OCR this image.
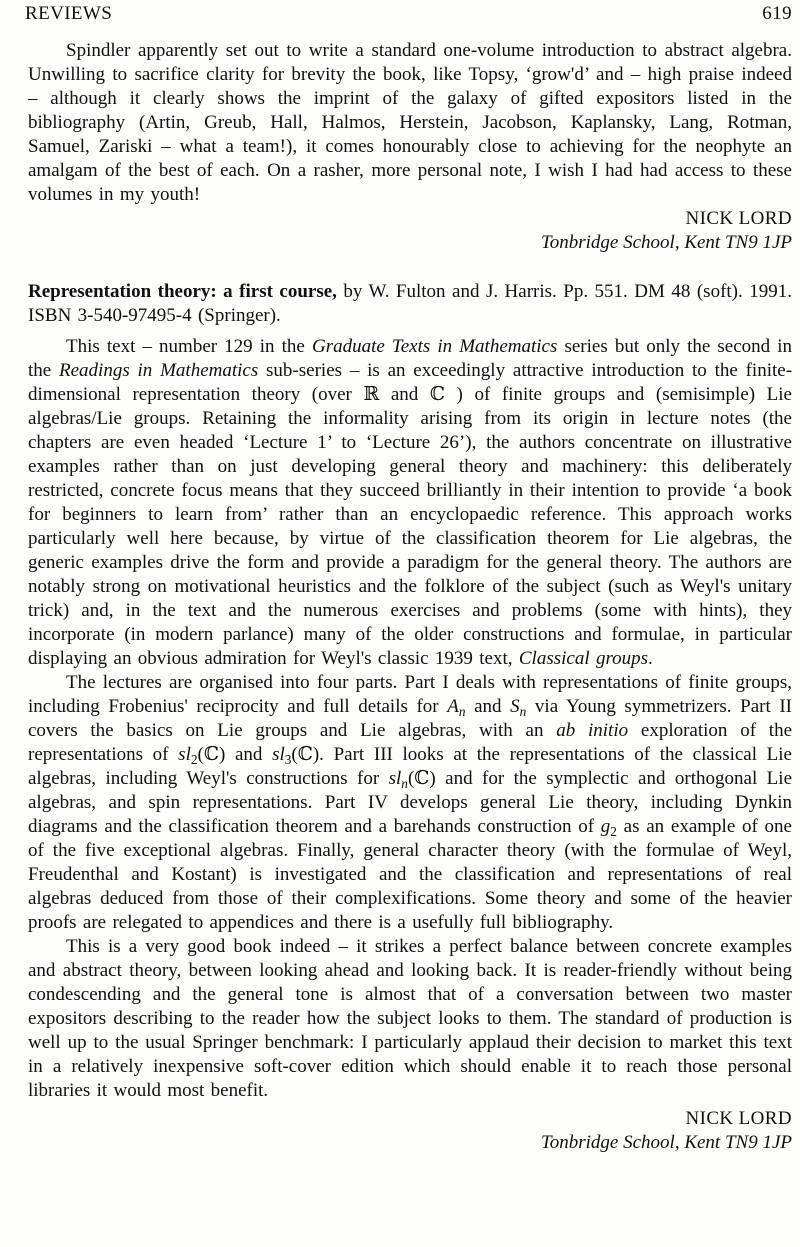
REVIEWS	619

Spindler apparently set out to write a standard one-volume introduction to abstract algebra. Unwilling to sacrifice clarity for brevity the book, like Topsy, ‘grow'd’ and – high praise indeed – although it clearly shows the imprint of the galaxy of gifted expositors listed in the bibliography (Artin, Greub, Hall, Halmos, Herstein, Jacobson, Kaplansky, Lang, Rotman, Samuel, Zariski – what a team!), it comes honourably close to achieving for the neophyte an amalgam of the best of each. On a rasher, more personal note, I wish I had had access to these volumes in my youth!

NICK LORD
Tonbridge School, Kent TN9 1JP

Representation theory: a first course, by W. Fulton and J. Harris. Pp. 551. DM 48 (soft). 1991. ISBN 3-540-97495-4 (Springer).

This text – number 129 in the Graduate Texts in Mathematics series but only the second in the Readings in Mathematics sub-series – is an exceedingly attractive introduction to the finite-dimensional representation theory (over ℝ and ℂ ) of finite groups and (semisimple) Lie algebras/Lie groups. Retaining the informality arising from its origin in lecture notes (the chapters are even headed ‘Lecture 1’ to ‘Lecture 26’), the authors concentrate on illustrative examples rather than on just developing general theory and machinery: this deliberately restricted, concrete focus means that they succeed brilliantly in their intention to provide ‘a book for beginners to learn from’ rather than an encyclopaedic reference. This approach works particularly well here because, by virtue of the classification theorem for Lie algebras, the generic examples drive the form and provide a paradigm for the general theory. The authors are notably strong on motivational heuristics and the folklore of the subject (such as Weyl's unitary trick) and, in the text and the numerous exercises and problems (some with hints), they incorporate (in modern parlance) many of the older constructions and formulae, in particular displaying an obvious admiration for Weyl's classic 1939 text, Classical groups.

The lectures are organised into four parts. Part I deals with representations of finite groups, including Frobenius' reciprocity and full details for An and Sn via Young symmetrizers. Part II covers the basics on Lie groups and Lie algebras, with an ab initio exploration of the representations of sl2(ℂ) and sl3(ℂ). Part III looks at the representations of the classical Lie algebras, including Weyl's constructions for sln(ℂ) and for the symplectic and orthogonal Lie algebras, and spin representations. Part IV develops general Lie theory, including Dynkin diagrams and the classification theorem and a barehands construction of g2 as an example of one of the five exceptional algebras. Finally, general character theory (with the formulae of Weyl, Freudenthal and Kostant) is investigated and the classification and representations of real algebras deduced from those of their complexifications. Some theory and some of the heavier proofs are relegated to appendices and there is a usefully full bibliography.

This is a very good book indeed – it strikes a perfect balance between concrete examples and abstract theory, between looking ahead and looking back. It is reader-friendly without being condescending and the general tone is almost that of a conversation between two master expositors describing to the reader how the subject looks to them. The standard of production is well up to the usual Springer benchmark: I particularly applaud their decision to market this text in a relatively inexpensive soft-cover edition which should enable it to reach those personal libraries it would most benefit.

NICK LORD
Tonbridge School, Kent TN9 1JP
